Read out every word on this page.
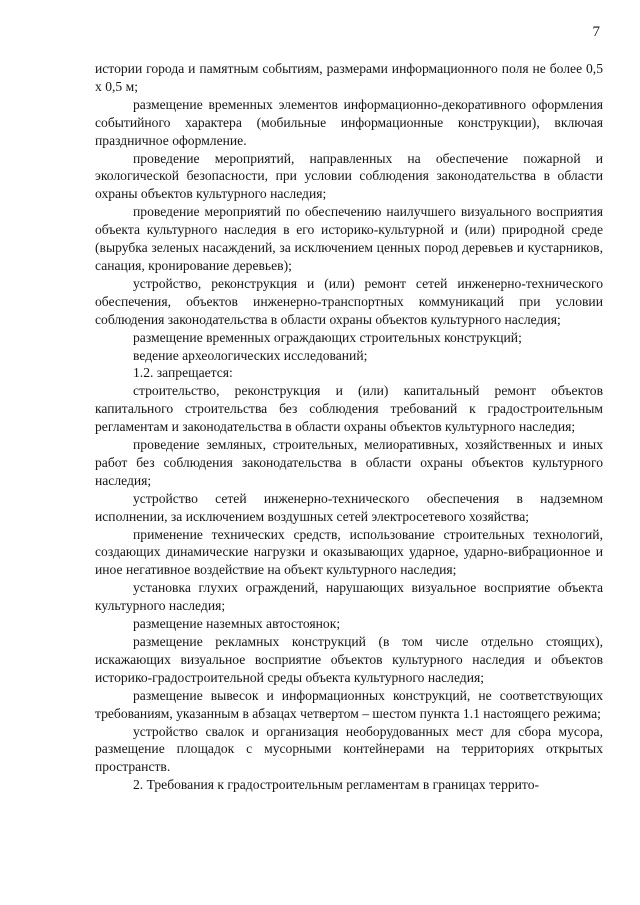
7

истории города и памятным событиям, размерами информационного поля не более 0,5 х 0,5 м;

размещение временных элементов информационно-декоративного оформления событийного характера (мобильные информационные конструкции), включая праздничное оформление.

проведение мероприятий, направленных на обеспечение пожарной и экологической безопасности, при условии соблюдения законодательства в области охраны объектов культурного наследия;

проведение мероприятий по обеспечению наилучшего визуального восприятия объекта культурного наследия в его историко-культурной и (или) природной среде (вырубка зеленых насаждений, за исключением ценных пород деревьев и кустарников, санация, кронирование деревьев);

устройство, реконструкция и (или) ремонт сетей инженерно-технического обеспечения, объектов инженерно-транспортных коммуникаций при условии соблюдения законодательства в области охраны объектов культурного наследия;

размещение временных ограждающих строительных конструкций;

ведение археологических исследований;

1.2. запрещается:

строительство, реконструкция и (или) капитальный ремонт объектов капитального строительства без соблюдения требований к градостроительным регламентам и законодательства в области охраны объектов культурного наследия;

проведение земляных, строительных, мелиоративных, хозяйственных и иных работ без соблюдения законодательства в области охраны объектов культурного наследия;

устройство сетей инженерно-технического обеспечения в надземном исполнении, за исключением воздушных сетей электросетевого хозяйства;

применение технических средств, использование строительных технологий, создающих динамические нагрузки и оказывающих ударное, ударно-вибрационное и иное негативное воздействие на объект культурного наследия;

установка глухих ограждений, нарушающих визуальное восприятие объекта культурного наследия;

размещение наземных автостоянок;

размещение рекламных конструкций (в том числе отдельно стоящих), искажающих визуальное восприятие объектов культурного наследия и объектов историко-градостроительной среды объекта культурного наследия;

размещение вывесок и информационных конструкций, не соответствующих требованиям, указанным в абзацах четвертом – шестом пункта 1.1 настоящего режима;

устройство свалок и организация необорудованных мест для сбора мусора, размещение площадок с мусорными контейнерами на территориях открытых пространств.

2. Требования к градостроительным регламентам в границах террито-
